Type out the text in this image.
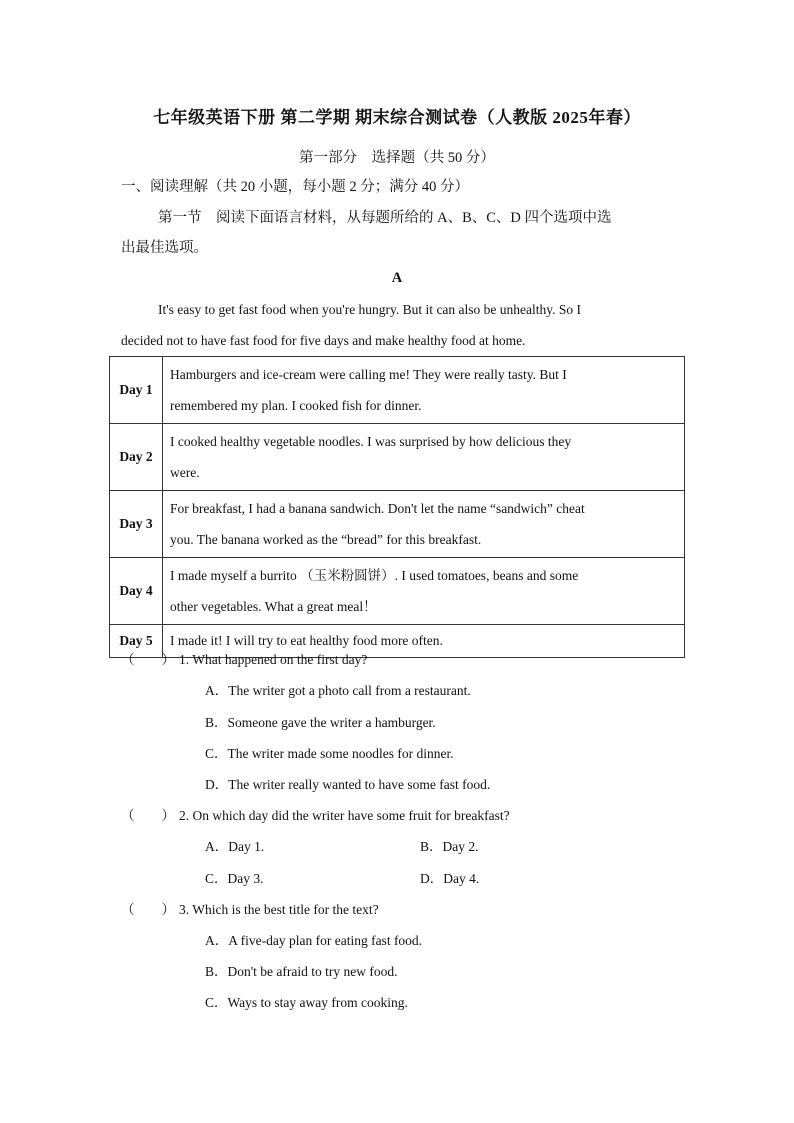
七年级英语下册 第二学期 期末综合测试卷（人教版 2025年春）
第一部分　选择题（共 50 分）
一、阅读理解（共 20 小题，每小题 2 分；满分 40 分）
第一节　阅读下面语言材料，从每题所给的 A、B、C、D 四个选项中选
出最佳选项。
A
It's easy to get fast food when you're hungry. But it can also be unhealthy. So I
decided not to have fast food for five days and make healthy food at home.
Day 1	Hamburgers and ice-cream were calling me! They were really tasty. But I
remembered my plan. I cooked fish for dinner.

Day 2	I cooked healthy vegetable noodles. I was surprised by how delicious they
were.

Day 3	For breakfast, I had a banana sandwich. Don't let the name “sandwich” cheat
you. The banana worked as the “bread” for this breakfast.

Day 4	I made myself a burrito （玉米粉圆饼）. I used tomatoes, beans and some
other vegetables. What a great meal！

Day 5	I made it! I will try to eat healthy food more often.
（　　） 1. What happened on the first day?
A．The writer got a photo call from a restaurant.
B．Someone gave the writer a hamburger.
C．The writer made some noodles for dinner.
D．The writer really wanted to have some fast food.
（　　） 2. On which day did the writer have some fruit for breakfast?
A．Day 1.	B．Day 2.
C．Day 3.	D．Day 4.
（　　） 3. Which is the best title for the text?
A．A five-day plan for eating fast food.
B．Don't be afraid to try new food.
C．Ways to stay away from cooking.
